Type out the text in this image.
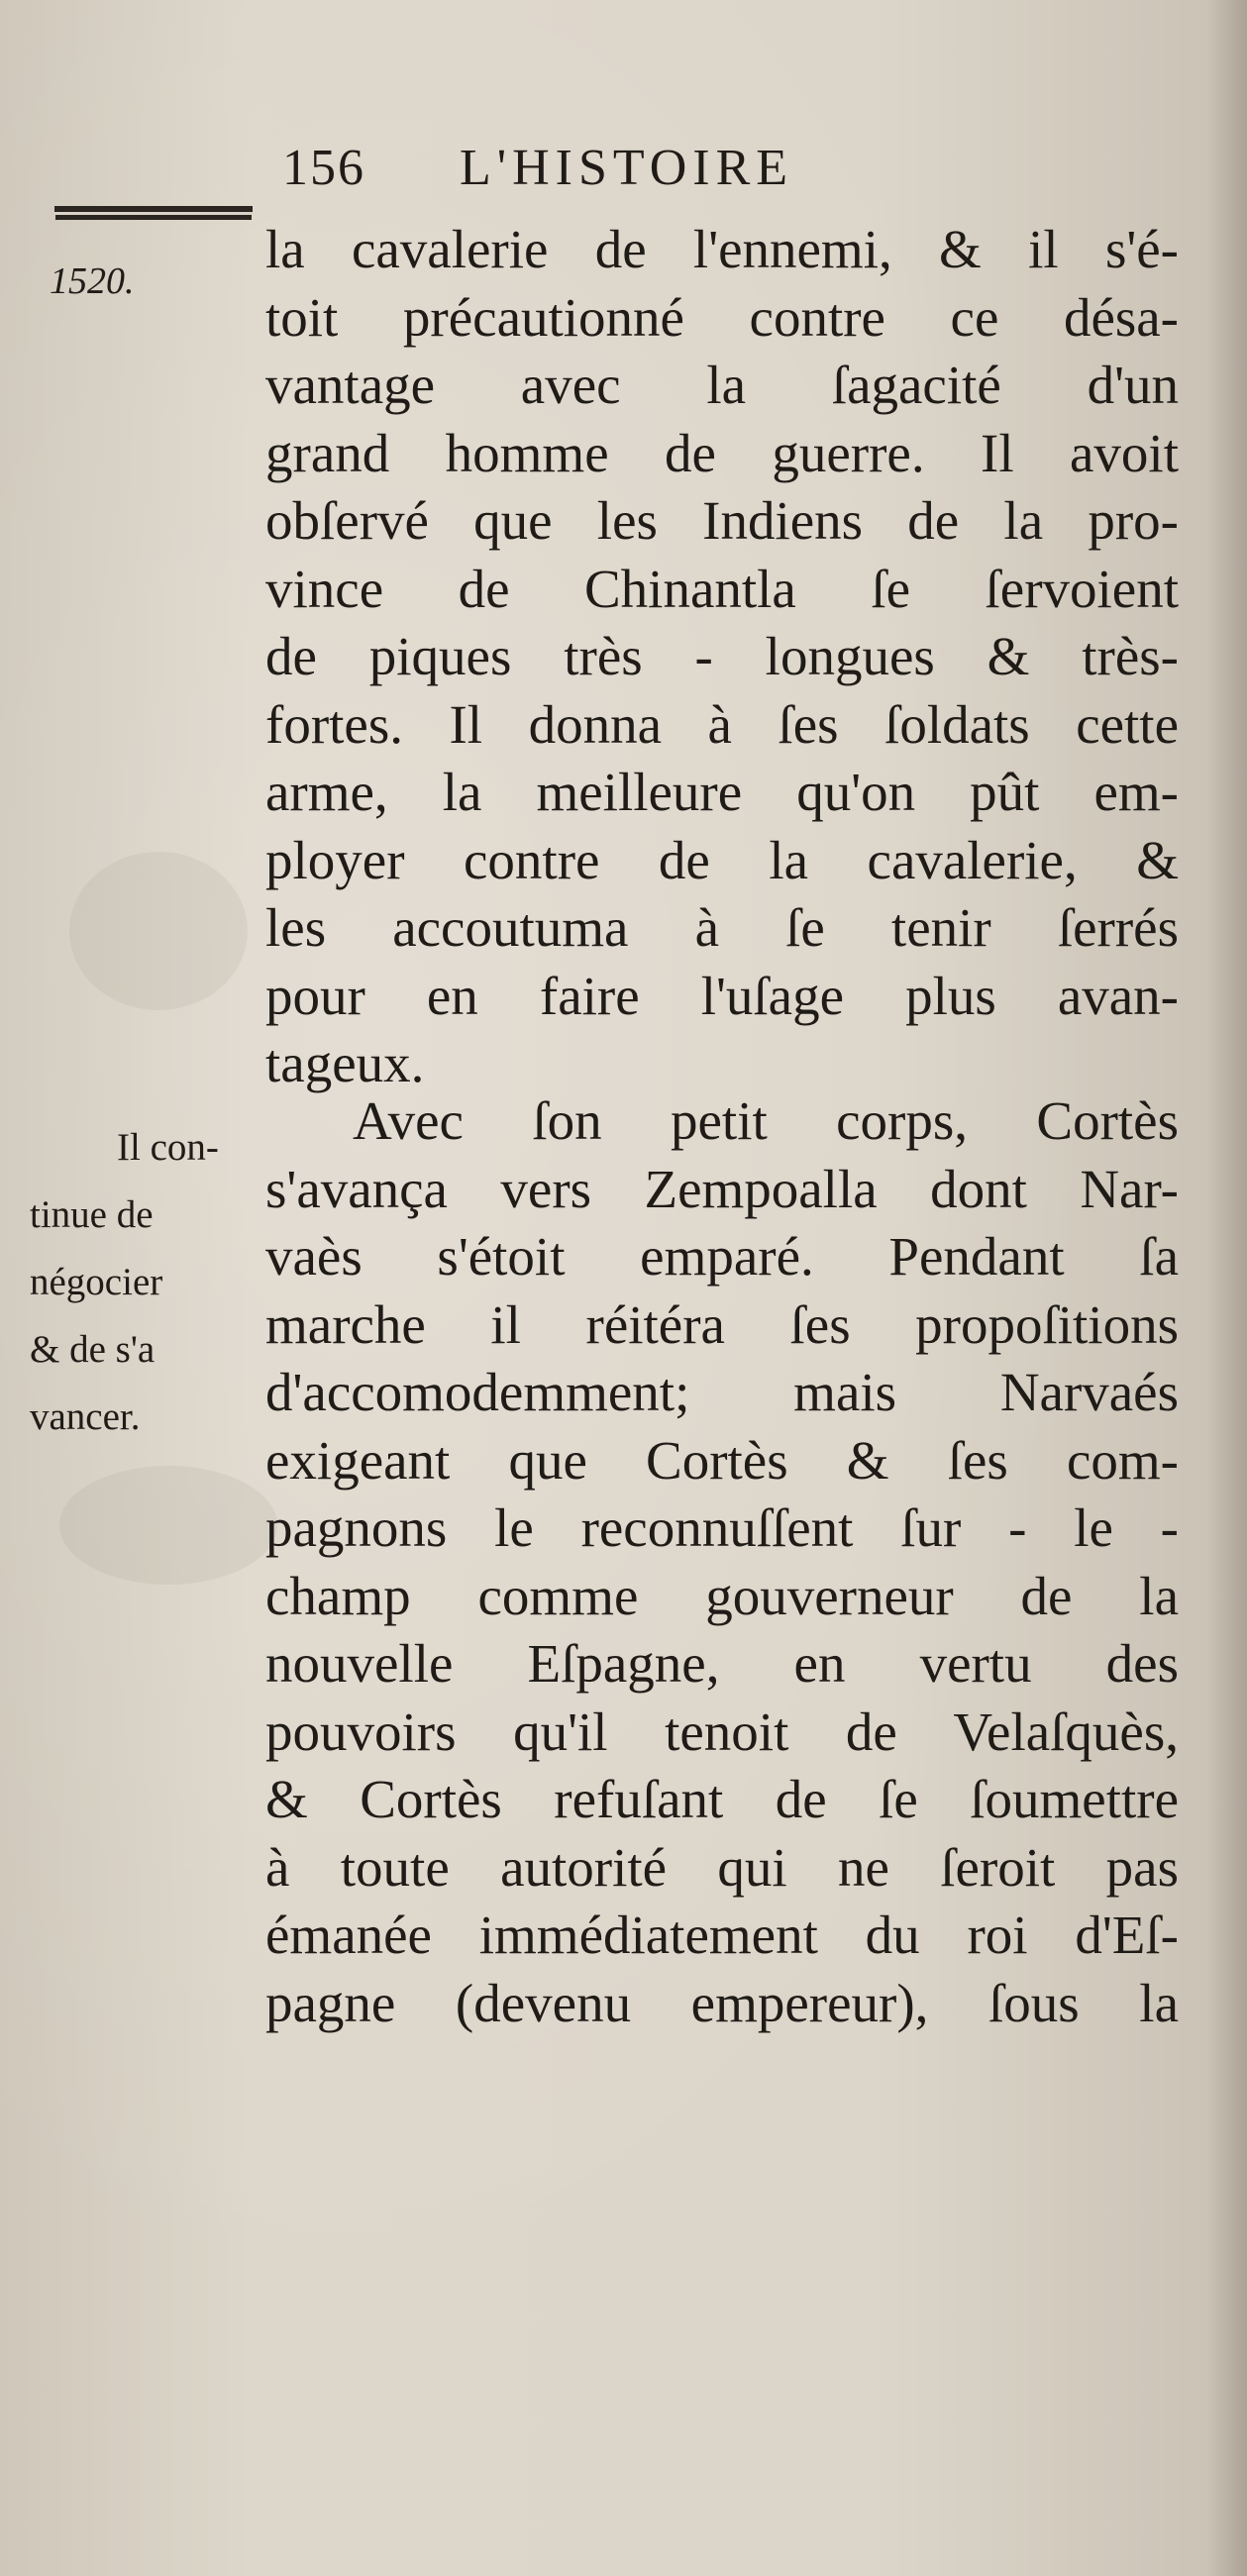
156 L'HISTOIRE
1520.
la cavalerie de l'ennemi, & il s'é-
toit précautionné contre ce désa-
vantage avec la ſagacité d'un
grand homme de guerre. Il avoit
obſervé que les Indiens de la pro-
vince de Chinantla ſe ſervoient
de piques très - longues & très-
fortes. Il donna à ſes ſoldats cette
arme, la meilleure qu'on pût em-
ployer contre de la cavalerie, &
les accoutuma à ſe tenir ſerrés
pour en faire l'uſage plus avan-
tageux.
Il con-
tinue de
négocier
& de s'a
vancer.
Avec ſon petit corps, Cortès
s'avança vers Zempoalla dont Nar-
vaès s'étoit emparé. Pendant ſa
marche il réitéra ſes propoſitions
d'accomodemment; mais Narvaés
exigeant que Cortès & ſes com-
pagnons le reconnuſſent ſur - le -
champ comme gouverneur de la
nouvelle Eſpagne, en vertu des
pouvoirs qu'il tenoit de Velaſquès,
& Cortès refuſant de ſe ſoumettre
à toute autorité qui ne ſeroit pas
émanée immédiatement du roi d'Eſ-
pagne (devenu empereur), ſous la
